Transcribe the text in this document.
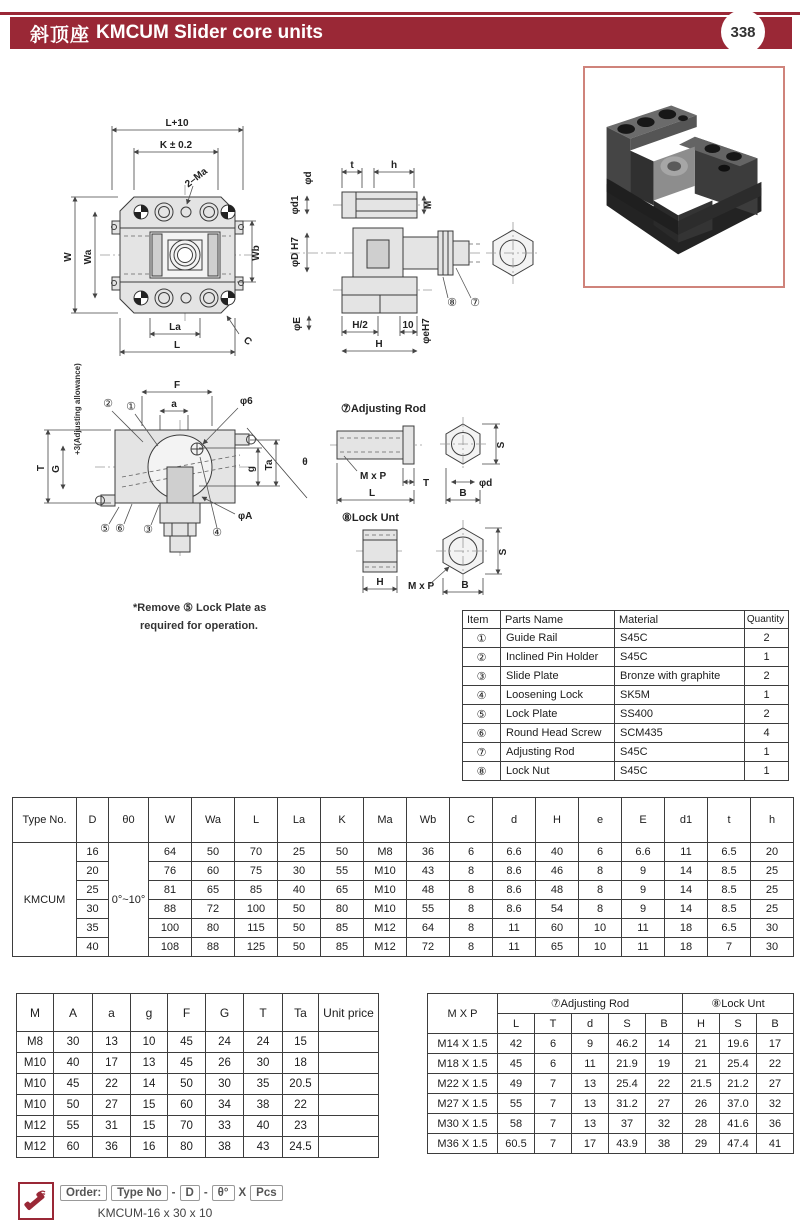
斜顶座 KMCUM Slider core units	338
L+10
K ± 0.2
2–Ma
W Wa	Wb
La
L	C
φd
t	h
φd1	M
φD H7
φE	H/2	10
H
φeH7
⑧ ⑦
+3(Adjusting allowance)	F
a	φ6
② ①
T G	g Ta	θ
φA
⑤ ⑥ ③	④
⑦Adjusting Rod
M x P
T
L
S
φd
B
⑧Lock Unt
H
S
M x P	B
*Remove ⑤ Lock Plate as
required for operation.
Item	Parts Name	Material	Quantity
①	Guide Rail	S45C	2
②	Inclined Pin Holder	S45C	1
③	Slide Plate	Bronze with graphite	2
④	Loosening Lock	SK5M	1
⑤	Lock Plate	SS400	2
⑥	Round Head Screw	SCM435	4
⑦	Adjusting Rod	S45C	1
⑧	Lock Nut	S45C	1
Type No.	D	θ0	W	Wa	L	La	K	Ma	Wb	C	d	H	e	E	d1	t	h
KMCUM	16	0°~10°	64	50	70	25	50	M8	36	6	6.6	40	6	6.6	11	6.5	20
	20		76	60	75	30	55	M10	43	8	8.6	46	8	9	14	8.5	25
	25		81	65	85	40	65	M10	48	8	8.6	48	8	9	14	8.5	25
	30		88	72	100	50	80	M10	55	8	8.6	54	8	9	14	8.5	25
	35		100	80	115	50	85	M12	64	8	11	60	10	11	18	6.5	30
	40		108	88	125	50	85	M12	72	8	11	65	10	11	18	7	30
M	A	a	g	F	G	T	Ta	Unit price
M8	30	13	10	45	24	24	15	
M10	40	17	13	45	26	30	18	
M10	45	22	14	50	30	35	20.5	
M10	50	27	15	60	34	38	22	
M12	55	31	15	70	33	40	23	
M12	60	36	16	80	38	43	24.5	
M X P	⑦Adjusting Rod					⑧Lock Unt		
	L	T	d	S	B	H	S	B
M14 X 1.5	42	6	9	46.2	14	21	19.6	17
M18 X 1.5	45	6	11	21.9	19	21	25.4	22
M22 X 1.5	49	7	13	25.4	22	21.5	21.2	27
M27 X 1.5	55	7	13	31.2	27	26	37.0	32
M30 X 1.5	58	7	13	37	32	28	41.6	36
M36 X 1.5	60.5	7	17	43.9	38	29	47.4	41
Order:	Type No - D - θ° X Pcs
KMCUM-16 x 30 x 10
